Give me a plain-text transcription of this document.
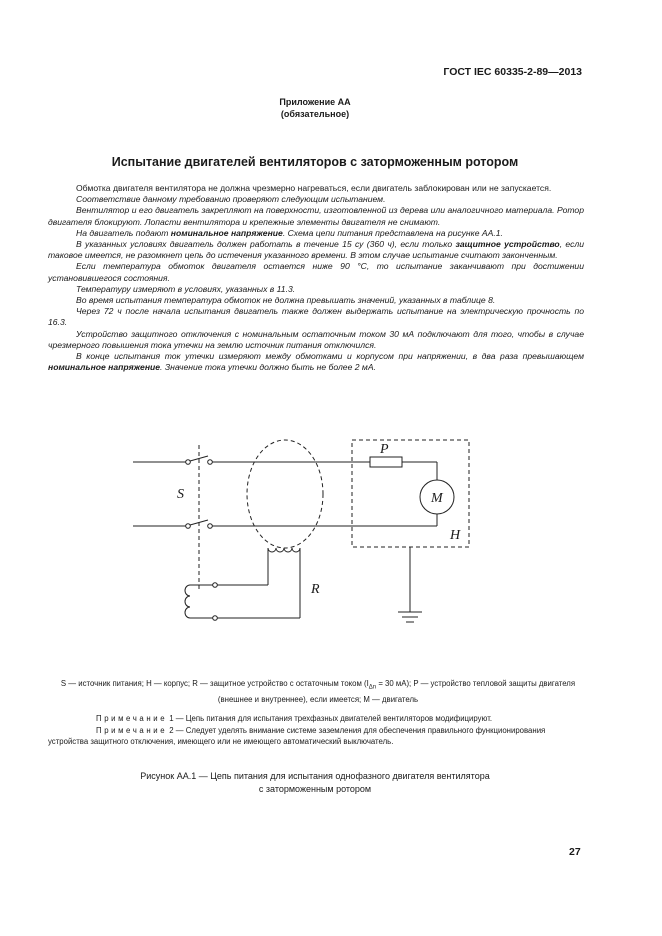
ГОСТ IEC 60335-2-89—2013
Приложение АА
(обязательное)
Испытание двигателей вентиляторов с заторможенным ротором

Обмотка двигателя вентилятора не должна чрезмерно нагреваться, если двигатель заблокирован или не запускается.

Соответствие данному требованию проверяют следующим испытанием.

Вентилятор и его двигатель закрепляют на поверхности, изготовленной из дерева или аналогичного материала. Ротор двигателя блокируют. Лопасти вентилятора и крепежные элементы двигателя не снимают.

На двигатель подают номинальное напряжение. Схема цепи питания представлена на рисунке АА.1.

В указанных условиях двигатель должен работать в течение 15 су (360 ч), если только защитное устройство, если таковое имеется, не разомкнет цепь до истечения указанного времени. В этом случае испытание считают законченным.

Если температура обмоток двигателя остается ниже 90 °С, то испытание заканчивают при достижении установившегося состояния.

Температуру измеряют в условиях, указанных в 11.3.

Во время испытания температура обмоток не должна превышать значений, указанных в таблице 8.

Через 72 ч после начала испытания двигатель также должен выдержать испытание на электрическую прочность по 16.3.

Устройство защитного отключения с номинальным остаточным током 30 мА подключают для того, чтобы в случае чрезмерного повышения тока утечки на землю источник питания отключился.

В конце испытания ток утечки измеряют между обмотками и корпусом при напряжении, в два раза превышающем номинальное напряжение. Значение тока утечки должно быть не более 2 мА.

S
P
M
H
R
S — источник питания; H — корпус; R — защитное устройство с остаточным током ($I_{\Delta n} = 30$ мА); P — устройство тепловой защиты двигателя (внешнее и внутреннее), если имеется; M — двигатель

Примечание 1 — Цепь питания для испытания трехфазных двигателей вентиляторов модифицируют.

Примечание 2 — Следует уделять внимание системе заземления для обеспечения правильного функционирования устройства защитного отключения, имеющего или не имеющего автоматический выключатель.

Рисунок АА.1 — Цепь питания для испытания однофазного двигателя вентилятора
с заторможенным ротором
27
